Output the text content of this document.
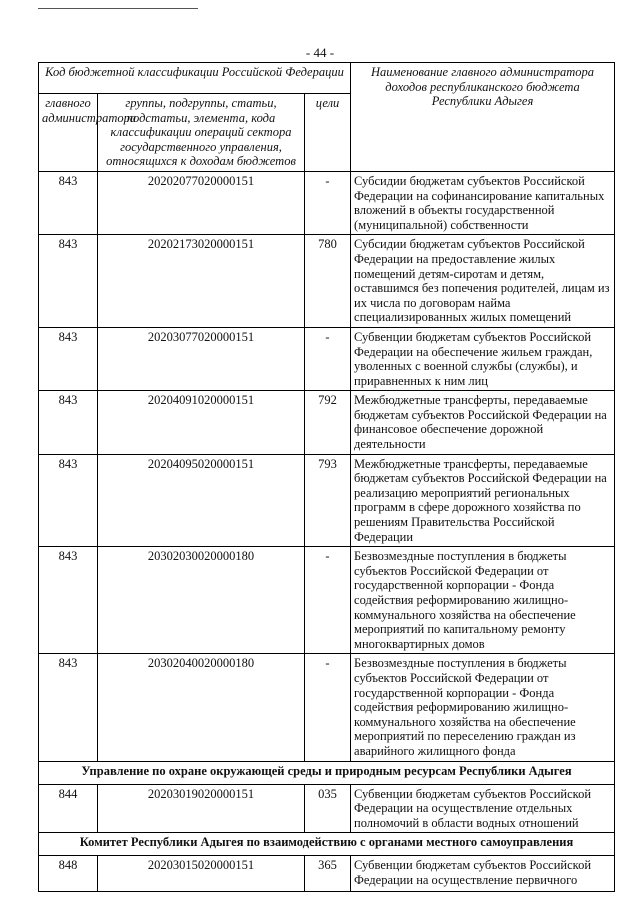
- 44 -
Код бюджетной классификации Российской Федерации			Наименование главного администратора доходов республиканского бюджета Республики Адыгея
главного администратора	группы, подгруппы, статьи, подстатьи, элемента, кода классификации операций сектора государственного управления, относящихся к доходам бюджетов	цели	
843	20202077020000151	-	Субсидии бюджетам субъектов Российской Федерации на софинансирование капитальных вложений в объекты государственной (муниципальной) собственности
843	20202173020000151	780	Субсидии бюджетам субъектов Российской Федерации на предоставление жилых помещений детям-сиротам и детям, оставшимся без попечения родителей, лицам из их числа по договорам найма специализированных жилых помещений
843	20203077020000151	-	Субвенции бюджетам субъектов Российской Федерации на обеспечение жильем граждан, уволенных с военной службы (службы), и приравненных к ним лиц
843	20204091020000151	792	Межбюджетные трансферты, передаваемые бюджетам субъектов Российской Федерации на финансовое обеспечение дорожной деятельности
843	20204095020000151	793	Межбюджетные трансферты, передаваемые бюджетам субъектов Российской Федерации на реализацию мероприятий региональных программ в сфере дорожного хозяйства по решениям Правительства Российской Федерации
843	20302030020000180	-	Безвозмездные поступления в бюджеты субъектов Российской Федерации от государственной корпорации - Фонда содействия реформированию жилищно-коммунального хозяйства на обеспечение мероприятий по капитальному ремонту многоквартирных домов
843	20302040020000180	-	Безвозмездные поступления в бюджеты субъектов Российской Федерации от государственной корпорации - Фонда содействия реформированию жилищно-коммунального хозяйства на обеспечение мероприятий по переселению граждан из аварийного жилищного фонда
Управление по охране окружающей среды и природным ресурсам Республики Адыгея			
844	20203019020000151	035	Субвенции бюджетам субъектов Российской Федерации на осуществление отдельных полномочий в области водных отношений
Комитет Республики Адыгея по взаимодействию с органами местного самоуправления			
848	20203015020000151	365	Субвенции бюджетам субъектов Российской Федерации на осуществление первичного
